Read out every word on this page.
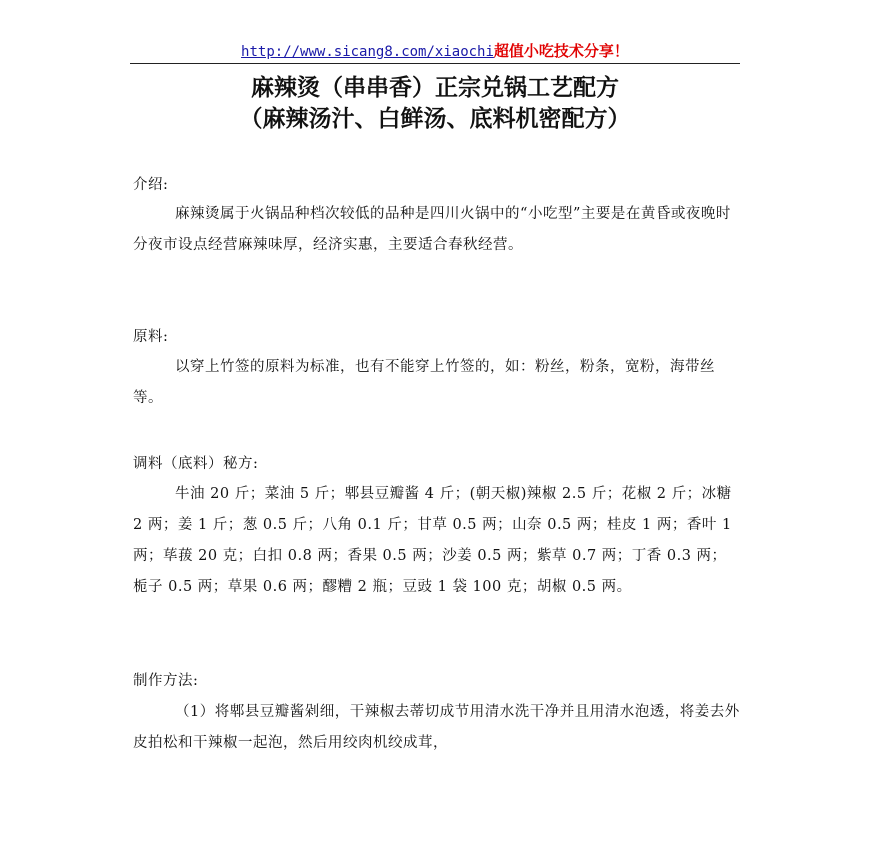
http://www.sicang8.com/xiaochi超值小吃技术分享！
麻辣烫（串串香）正宗兑锅工艺配方
（麻辣汤汁、白鲜汤、底料机密配方）

介绍:

麻辣烫属于火锅品种档次较低的品种是四川火锅中的“小吃型”主要是在黄昏或夜晚时分夜市设点经营麻辣味厚，经济实惠，主要适合春秋经营。

原料:

以穿上竹签的原料为标准，也有不能穿上竹签的，如：粉丝，粉条，宽粉，海带丝等。

调料（底料）秘方:

牛油 20 斤；菜油 5 斤；郫县豆瓣酱 4 斤；(朝天椒)辣椒 2.5 斤；花椒 2 斤；冰糖 2 两；姜 1 斤；葱 0.5 斤；八角 0.1 斤；甘草 0.5 两；山奈 0.5 两；桂皮 1 两；香叶 1 两；荜菝 20 克；白扣 0.8 两；香果 0.5 两；沙姜 0.5 两；紫草 0.7 两；丁香 0.3 两；栀子 0.5 两；草果 0.6 两；醪糟 2 瓶；豆豉 1 袋 100 克；胡椒 0.5 两。

制作方法:

（1）将郫县豆瓣酱剁细，干辣椒去蒂切成节用清水洗干净并且用清水泡透，将姜去外皮拍松和干辣椒一起泡，然后用绞肉机绞成茸，
